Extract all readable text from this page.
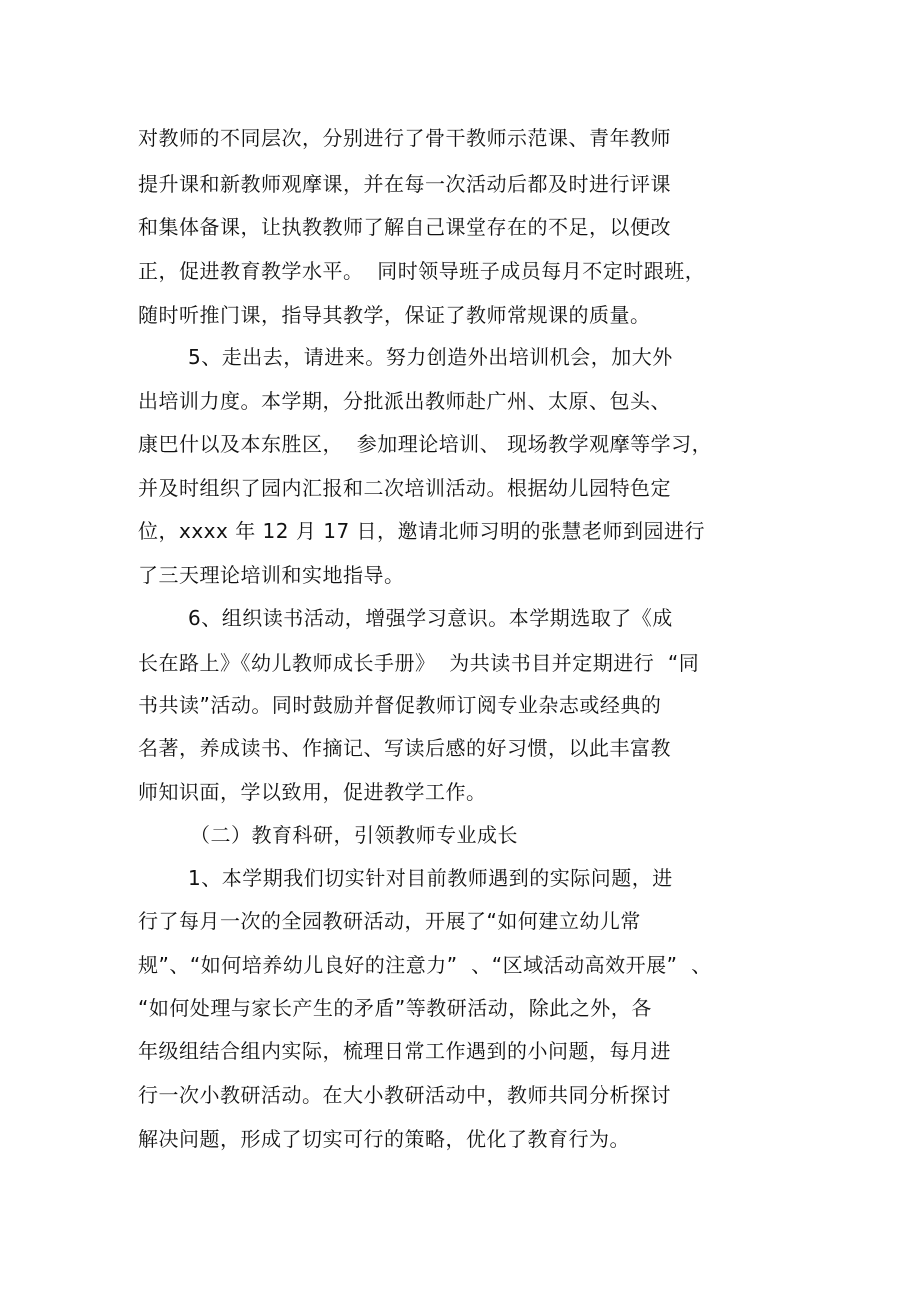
对教师的不同层次，分别进行了骨干教师示范课、青年教师
提升课和新教师观摩课，并在每一次活动后都及时进行评课
和集体备课，让执教教师了解自己课堂存在的不足，以便改
正，促进教育教学水平。  同时领导班子成员每月不定时跟班，
随时听推门课，指导其教学，保证了教师常规课的质量。
5、走出去，请进来。努力创造外出培训机会，加大外
出培训力度。本学期，分批派出教师赴广州、太原、包头、
康巴什以及本东胜区，  参加理论培训、 现场教学观摩等学习，
并及时组织了园内汇报和二次培训活动。根据幼儿园特色定
位，xxxx 年 12 月 17 日，邀请北师习明的张慧老师到园进行
了三天理论培训和实地指导。
6、组织读书活动，增强学习意识。本学期选取了《成
长在路上》《幼儿教师成长手册》  为共读书目并定期进行  “同
书共读”活动。同时鼓励并督促教师订阅专业杂志或经典的
名著，养成读书、作摘记、写读后感的好习惯，以此丰富教
师知识面，学以致用，促进教学工作。
（二）教育科研，引领教师专业成长
1、本学期我们切实针对目前教师遇到的实际问题，进
行了每月一次的全园教研活动，开展了“如何建立幼儿常
规”、“如何培养幼儿良好的注意力”  、“区域活动高效开展”  、
“如何处理与家长产生的矛盾”等教研活动，除此之外，各
年级组结合组内实际，梳理日常工作遇到的小问题，每月进
行一次小教研活动。在大小教研活动中，教师共同分析探讨
解决问题，形成了切实可行的策略，优化了教育行为。
